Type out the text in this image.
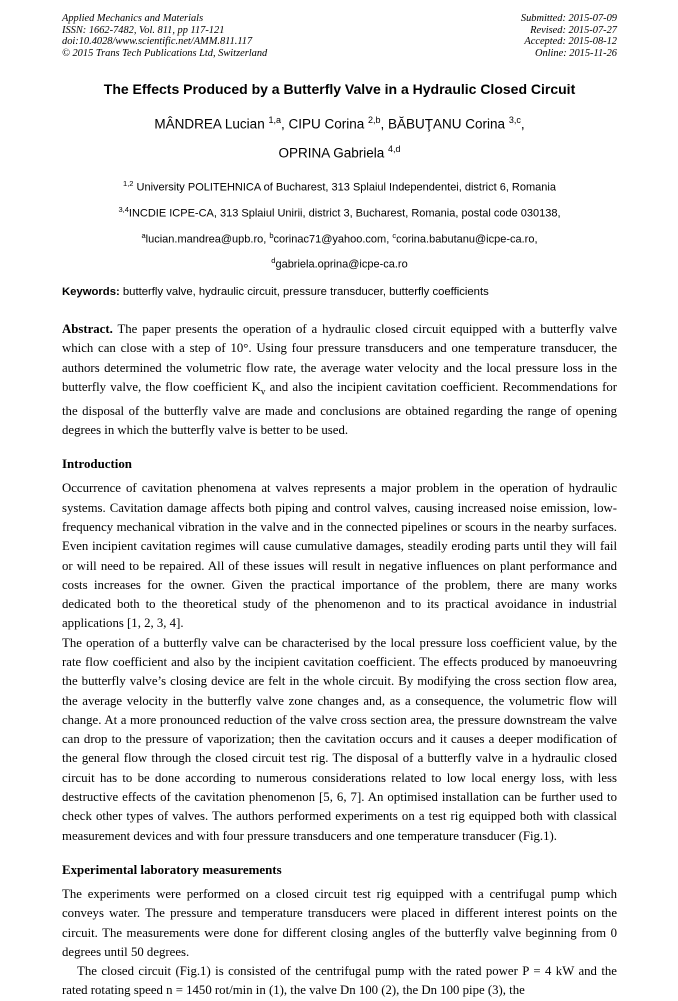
Applied Mechanics and Materials
ISSN: 1662-7482, Vol. 811, pp 117-121
doi:10.4028/www.scientific.net/AMM.811.117
© 2015 Trans Tech Publications Ltd, Switzerland
Submitted: 2015-07-09
Revised: 2015-07-27
Accepted: 2015-08-12
Online: 2015-11-26
The Effects Produced by a Butterfly Valve in a Hydraulic Closed Circuit
MÂNDREA Lucian $^{1,a}$, CIPU Corina $^{2,b}$, BĂBUŢANU Corina $^{3,c}$,
OPRINA Gabriela $^{4,d}$
$^{1,2}$ University POLITEHNICA of Bucharest, 313 Splaiul Independentei, district 6, Romania
$^{3,4}$INCDIE ICPE-CA, 313 Splaiul Unirii, district 3, Bucharest, Romania, postal code 030138,
$^a$lucian.mandrea@upb.ro, $^b$corinac71@yahoo.com, $^c$corina.babutanu@icpe-ca.ro,
$^d$gabriela.oprina@icpe-ca.ro

Keywords: butterfly valve, hydraulic circuit, pressure transducer, butterfly coefficients

Abstract. The paper presents the operation of a hydraulic closed circuit equipped with a butterfly valve which can close with a step of 10°. Using four pressure transducers and one temperature transducer, the authors determined the volumetric flow rate, the average water velocity and the local pressure loss in the butterfly valve, the flow coefficient $K_v$ and also the incipient cavitation coefficient. Recommendations for the disposal of the butterfly valve are made and conclusions are obtained regarding the range of opening degrees in which the butterfly valve is better to be used.

Introduction

Occurrence of cavitation phenomena at valves represents a major problem in the operation of hydraulic systems. Cavitation damage affects both piping and control valves, causing increased noise emission, low-frequency mechanical vibration in the valve and in the connected pipelines or scours in the nearby surfaces. Even incipient cavitation regimes will cause cumulative damages, steadily eroding parts until they will fail or will need to be repaired. All of these issues will result in negative influences on plant performance and costs increases for the owner. Given the practical importance of the problem, there are many works dedicated both to the theoretical study of the phenomenon and to its practical avoidance in industrial applications [1, 2, 3, 4].

The operation of a butterfly valve can be characterised by the local pressure loss coefficient value, by the rate flow coefficient and also by the incipient cavitation coefficient. The effects produced by manoeuvring the butterfly valve’s closing device are felt in the whole circuit. By modifying the cross section flow area, the average velocity in the butterfly valve zone changes and, as a consequence, the volumetric flow will change. At a more pronounced reduction of the valve cross section area, the pressure downstream the valve can drop to the pressure of vaporization; then the cavitation occurs and it causes a deeper modification of the general flow through the closed circuit test rig. The disposal of a butterfly valve in a hydraulic closed circuit has to be done according to numerous considerations related to low local energy loss, with less destructive effects of the cavitation phenomenon [5, 6, 7]. An optimised installation can be further used to check other types of valves. The authors performed experiments on a test rig equipped both with classical measurement devices and with four pressure transducers and one temperature transducer (Fig.1).

Experimental laboratory measurements

The experiments were performed on a closed circuit test rig equipped with a centrifugal pump which conveys water. The pressure and temperature transducers were placed in different interest points on the circuit. The measurements were done for different closing angles of the butterfly valve beginning from 0 degrees until 50 degrees.

The closed circuit (Fig.1) is consisted of the centrifugal pump with the rated power P = 4 kW and the rated rotating speed n = 1450 rot/min in (1), the valve Dn 100 (2), the Dn 100 pipe (3), the
